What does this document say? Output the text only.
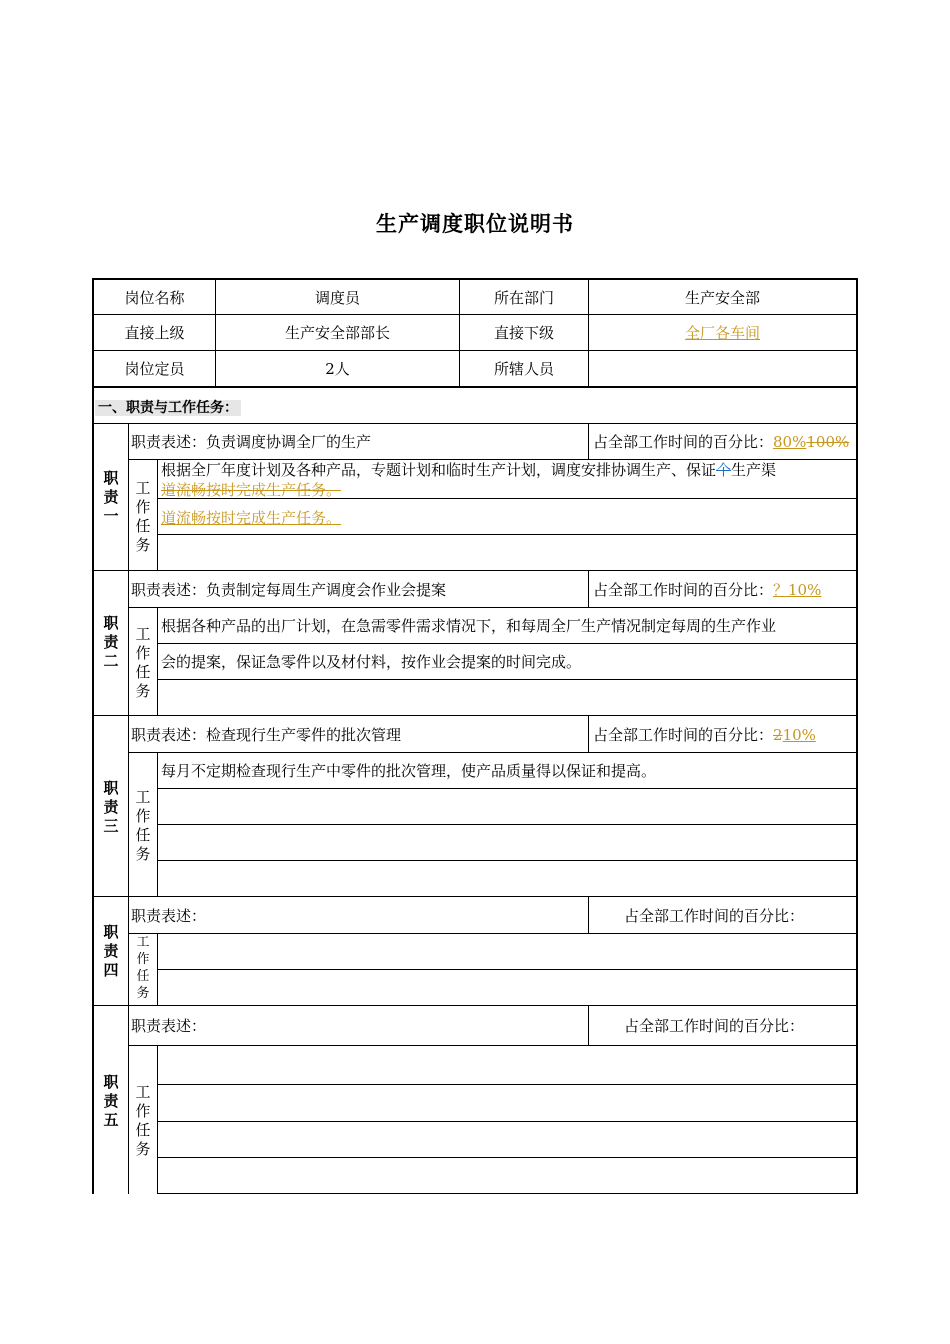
生产调度职位说明书
岗位名称	调度员	所在部门	生产安全部
直接上级	生产安全部部长	直接下级	全厂各车间
岗位定员	2人	所辖人员
一、职责与工作任务：
职责一
工作任务
职责表述：负责调度协调全厂的生产	占全部工作时间的百分比：80%100%
根据全厂年度计划及各种产品，专题计划和临时生产计划，调度安排协调生产、保证个生产渠
道流畅按时完成生产任务。
道流畅按时完成生产任务。
职责二
工作任务
职责表述：负责制定每周生产调度会作业会提案	占全部工作时间的百分比：？10%
根据各种产品的出厂计划，在急需零件需求情况下，和每周全厂生产情况制定每周的生产作业
会的提案，保证急零件以及材付料，按作业会提案的时间完成。
职责三
工作任务
职责表述：检查现行生产零件的批次管理	占全部工作时间的百分比：210%
每月不定期检查现行生产中零件的批次管理，使产品质量得以保证和提高。
职责四
工作任务
职责表述：	占全部工作时间的百分比：
职责五
工作任务
职责表述：	占全部工作时间的百分比：
